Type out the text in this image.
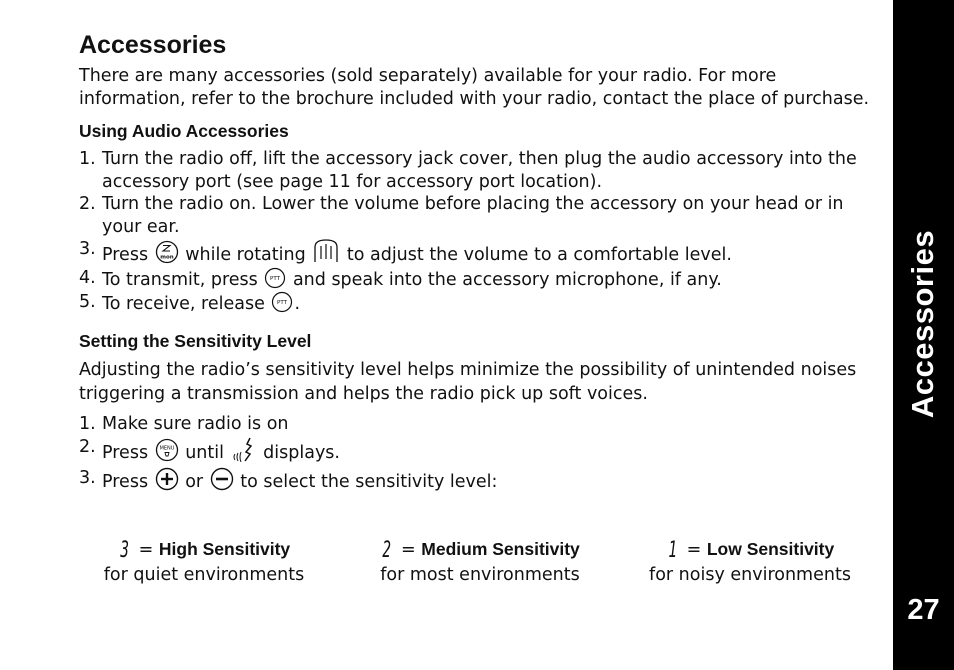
Accessories

There are many accessories (sold separately) available for your radio. For more information, refer to the brochure included with your radio, contact the place of purchase.

Using Audio Accessories
1. Turn the radio off, lift the accessory jack cover, then plug the audio accessory into the accessory port (see page 11 for accessory port location).
2. Turn the radio on. Lower the volume before placing the accessory on your head or in your ear.
3. Press mon while rotating to adjust the volume to a comfortable level.
4. To transmit, press PTT and speak into the accessory microphone, if any.
5. To receive, release PTT .
Setting the Sensitivity Level

Adjusting the radio’s sensitivity level helps minimize the possibility of unintended noises triggering a transmission and helps the radio pick up soft voices.

1. Make sure radio is on
2. Press MENU until displays.
3. Press or to select the sensitivity level:
3 = High Sensitivity
for quiet environments
2 = Medium Sensitivity
for most environments
1 = Low Sensitivity
for noisy environments
Accessories
27
